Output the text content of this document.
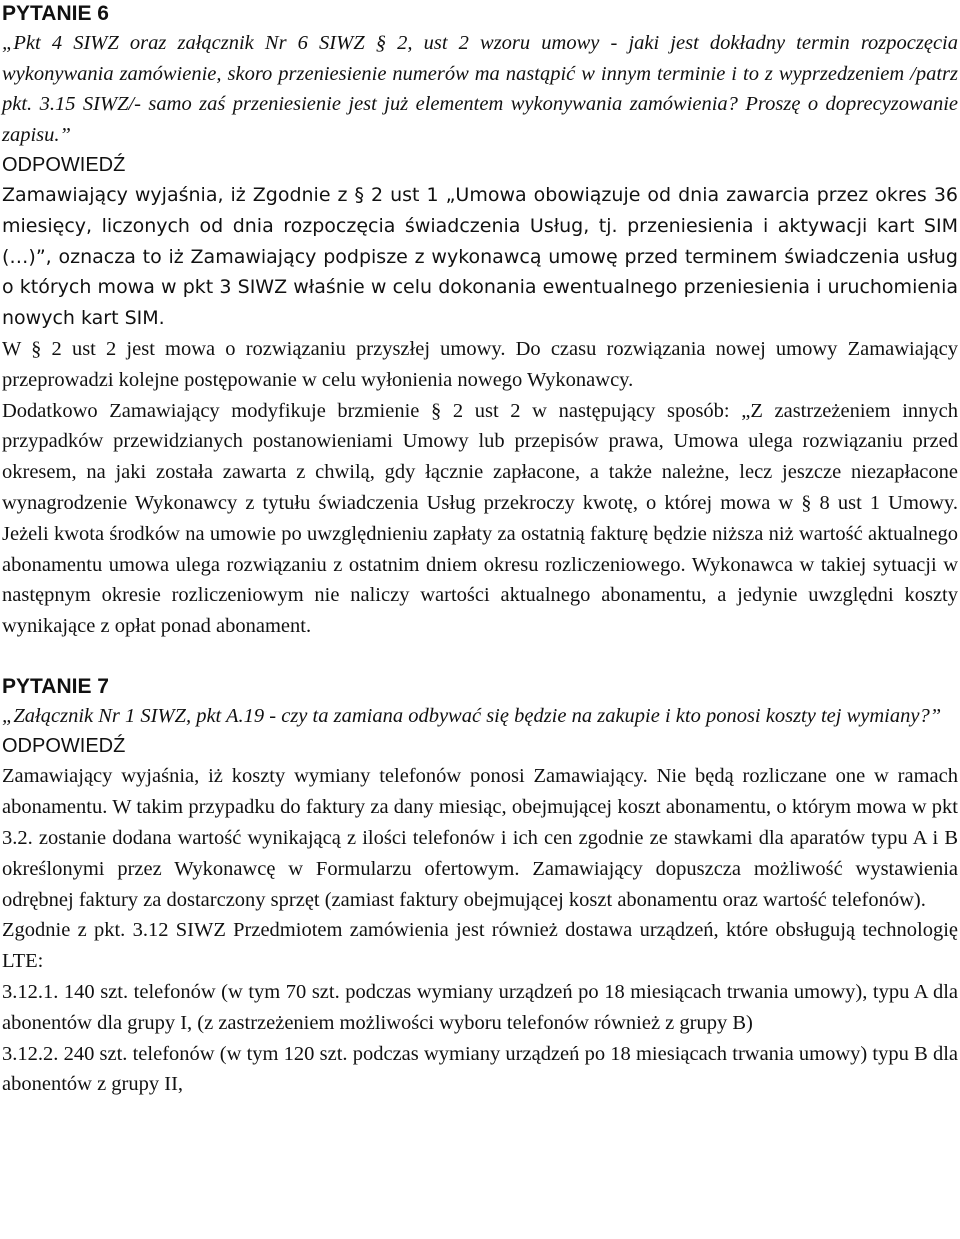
PYTANIE 6

„Pkt 4 SIWZ oraz załącznik Nr 6 SIWZ § 2, ust 2 wzoru umowy - jaki jest dokładny termin rozpoczęcia wykonywania zamówienie, skoro przeniesienie numerów ma nastąpić w innym terminie i to z wyprzedzeniem /patrz pkt. 3.15 SIWZ/- samo zaś przeniesienie jest już elementem wykonywania zamówienia? Proszę o doprecyzowanie zapisu.”

ODPOWIEDŹ

Zamawiający wyjaśnia, iż Zgodnie z § 2 ust 1 „Umowa obowiązuje od dnia zawarcia przez okres 36 miesięcy, liczonych od dnia rozpoczęcia świadczenia Usług, tj. przeniesienia i aktywacji kart SIM (…)”, oznacza to iż Zamawiający podpisze z wykonawcą umowę przed terminem świadczenia usług o których mowa w pkt 3 SIWZ właśnie w celu dokonania ewentualnego przeniesienia i uruchomienia nowych kart SIM.

W § 2 ust 2 jest mowa o rozwiązaniu przyszłej umowy. Do czasu rozwiązania nowej umowy Zamawiający przeprowadzi kolejne postępowanie w celu wyłonienia nowego Wykonawcy.

Dodatkowo Zamawiający modyfikuje brzmienie § 2 ust 2 w następujący sposób: „Z zastrzeżeniem innych przypadków przewidzianych postanowieniami Umowy lub przepisów prawa, Umowa ulega rozwiązaniu przed okresem, na jaki została zawarta z chwilą, gdy łącznie zapłacone, a także należne, lecz jeszcze niezapłacone wynagrodzenie Wykonawcy z tytułu świadczenia Usług przekroczy kwotę, o której mowa w § 8 ust 1 Umowy. Jeżeli kwota środków na umowie po uwzględnieniu zapłaty za ostatnią fakturę będzie niższa niż wartość aktualnego abonamentu umowa ulega rozwiązaniu z ostatnim dniem okresu rozliczeniowego. Wykonawca w takiej sytuacji w następnym okresie rozliczeniowym nie naliczy wartości aktualnego abonamentu, a jedynie uwzględni koszty wynikające z opłat ponad abonament.

PYTANIE 7

„Załącznik Nr 1 SIWZ, pkt A.19 - czy ta zamiana odbywać się będzie na zakupie i kto ponosi koszty tej wymiany?”

ODPOWIEDŹ

Zamawiający wyjaśnia, iż koszty wymiany telefonów ponosi Zamawiający. Nie będą rozliczane one w ramach abonamentu. W takim przypadku do faktury za dany miesiąc, obejmującej koszt abonamentu, o którym mowa w pkt 3.2. zostanie dodana wartość wynikającą z ilości telefonów i ich cen zgodnie ze stawkami dla aparatów typu A i B określonymi przez Wykonawcę w Formularzu ofertowym. Zamawiający dopuszcza możliwość wystawienia odrębnej faktury za dostarczony sprzęt (zamiast faktury obejmującej koszt abonamentu oraz wartość telefonów).

Zgodnie z pkt. 3.12 SIWZ Przedmiotem zamówienia jest również dostawa urządzeń, które obsługują technologię LTE:

3.12.1. 140 szt. telefonów (w tym 70 szt. podczas wymiany urządzeń po 18 miesiącach trwania umowy), typu A dla abonentów dla grupy I, (z zastrzeżeniem możliwości wyboru telefonów również z grupy B)

3.12.2. 240 szt. telefonów (w tym 120 szt. podczas wymiany urządzeń po 18 miesiącach trwania umowy) typu B dla abonentów z grupy II,
